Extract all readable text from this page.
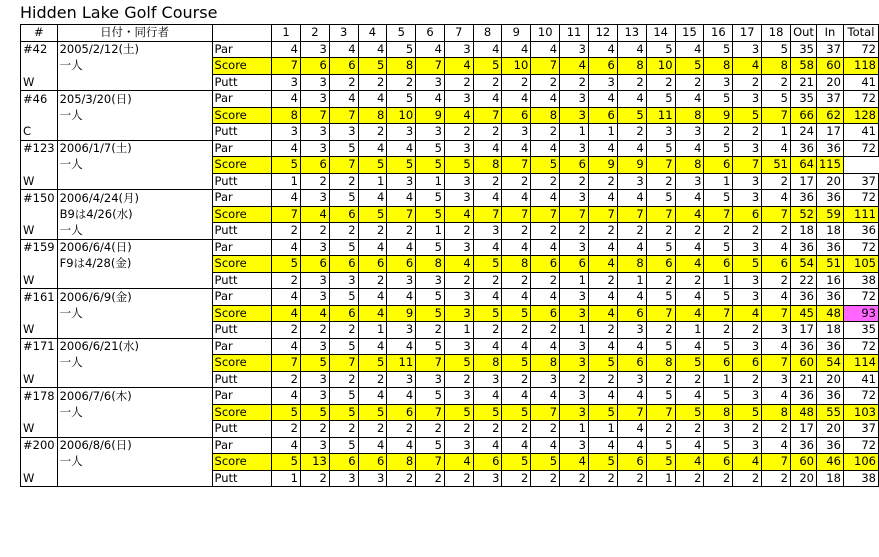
Hidden Lake Golf Course
#	日付・同行者		1	2	3	4	5	6	7	8	9	10	11	12	13	14	15	16	17	18	Out	In	Total
#42	2005/2/12(土)	Par	4	3	4	4	5	4	3	4	4	4	3	4	4	5	4	5	3	5	35	37	72
	一人	Score	7	6	6	5	8	7	4	5	10	7	4	6	8	10	5	8	4	8	58	60	118
W		Putt	3	3	2	2	2	3	2	2	2	2	2	3	2	2	2	3	2	2	21	20	41
#46	205/3/20(日)	Par	4	3	4	4	5	4	3	4	4	4	3	4	4	5	4	5	3	5	35	37	72
	一人	Score	8	7	7	8	10	9	4	7	6	8	3	6	5	11	8	9	5	7	66	62	128
C		Putt	3	3	3	2	3	3	2	2	3	2	1	1	2	3	3	2	2	1	24	17	41
#123	2006/1/7(土)	Par	4	3	5	4	4	5	3	4	4	4	3	4	4	5	4	5	3	4	36	36	72
	一人	Score	5	6	7	5	5	5	5	8	7	5	6	9	9	7	8	6	7	51	64	115	
W		Putt	1	2	2	1	3	1	3	2	2	2	2	2	3	2	3	1	3	2	17	20	37
#150	2006/4/24(月)	Par	4	3	5	4	4	5	3	4	4	4	3	4	4	5	4	5	3	4	36	36	72
	B9は4/26(水)	Score	7	4	6	5	7	5	4	7	7	7	7	7	7	7	4	7	6	7	52	59	111
W	一人	Putt	2	2	2	2	2	1	2	3	2	2	2	2	2	2	2	2	2	2	18	18	36
#159	2006/6/4(日)	Par	4	3	5	4	4	5	3	4	4	4	3	4	4	5	4	5	3	4	36	36	72
	F9は4/28(金)	Score	5	6	6	6	6	8	4	5	8	6	6	4	8	6	4	6	5	6	54	51	105
W		Putt	2	3	3	2	3	3	2	2	2	2	1	2	1	2	2	1	3	2	22	16	38
#161	2006/6/9(金)	Par	4	3	5	4	4	5	3	4	4	4	3	4	4	5	4	5	3	4	36	36	72
	一人	Score	4	4	6	4	9	5	3	5	5	6	3	4	6	7	4	7	4	7	45	48	93
W		Putt	2	2	2	1	3	2	1	2	2	2	1	2	3	2	1	2	2	3	17	18	35
#171	2006/6/21(水)	Par	4	3	5	4	4	5	3	4	4	4	3	4	4	5	4	5	3	4	36	36	72
	一人	Score	7	5	7	5	11	7	5	8	5	8	3	5	6	8	5	6	6	7	60	54	114
W		Putt	2	3	2	2	3	3	2	3	2	3	2	2	3	2	2	1	2	3	21	20	41
#178	2006/7/6(木)	Par	4	3	5	4	4	5	3	4	4	4	3	4	4	5	4	5	3	4	36	36	72
	一人	Score	5	5	5	5	6	7	5	5	5	7	3	5	7	7	5	8	5	8	48	55	103
W		Putt	2	2	2	2	2	2	2	2	2	2	1	1	4	2	2	3	2	2	17	20	37
#200	2006/8/6(日)	Par	4	3	5	4	4	5	3	4	4	4	3	4	4	5	4	5	3	4	36	36	72
	一人	Score	5	13	6	6	8	7	4	6	5	5	4	5	6	5	4	6	4	7	60	46	106
W		Putt	1	2	3	3	2	2	2	3	2	2	2	2	2	1	2	2	2	2	20	18	38
